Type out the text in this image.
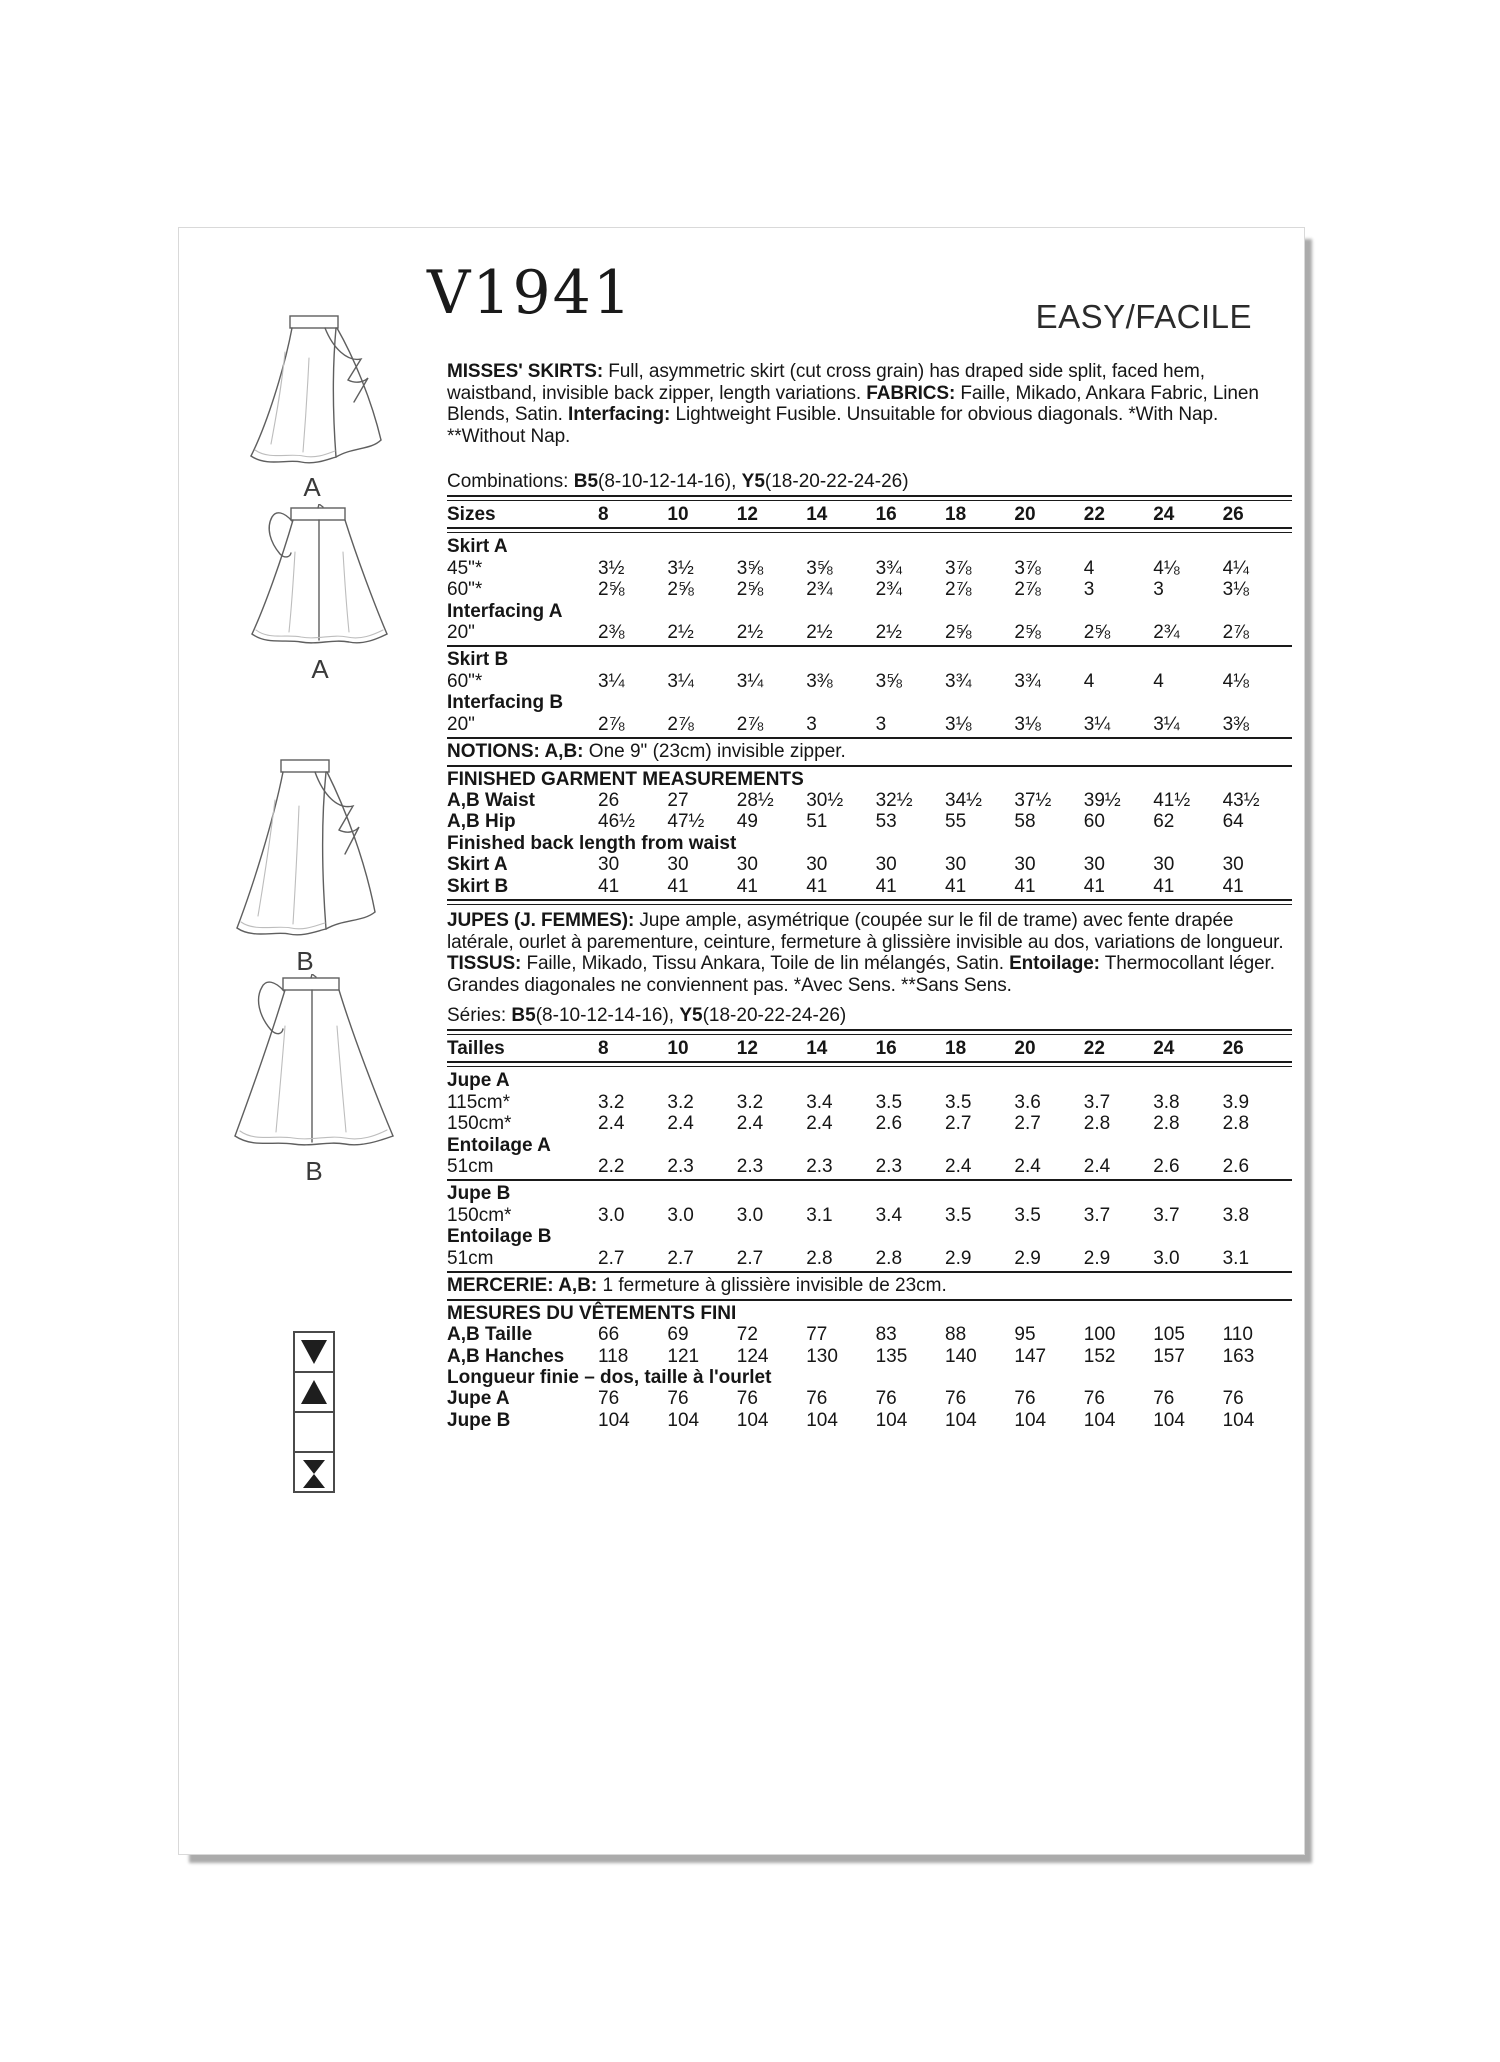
V1941	EASY/FACILE
A
A
B
B

MISSES' SKIRTS: Full, asymmetric skirt (cut cross grain) has draped side split, faced hem, waistband, invisible back zipper, length variations. FABRICS: Faille, Mikado, Ankara Fabric, Linen Blends, Satin. Interfacing: Lightweight Fusible. Unsuitable for obvious diagonals. *With Nap. **Without Nap.

Combinations: B5(8-10-12-14-16), Y5(18-20-22-24-26)

Sizes	8	10	12	14	16	18	20	22	24	26
Skirt A
45"*	3½	3½	3⅝	3⅝	3¾	3⅞	3⅞	4	4⅛	4¼
60"*	2⅝	2⅝	2⅝	2¾	2¾	2⅞	2⅞	3	3	3⅛
Interfacing A
20"	2⅜	2½	2½	2½	2½	2⅝	2⅝	2⅝	2¾	2⅞
Skirt B
60"*	3¼	3¼	3¼	3⅜	3⅝	3¾	3¾	4	4	4⅛
Interfacing B
20"	2⅞	2⅞	2⅞	3	3	3⅛	3⅛	3¼	3¼	3⅜

NOTIONS: A,B: One 9" (23cm) invisible zipper.

FINISHED GARMENT MEASUREMENTS
A,B Waist	26	27	28½	30½	32½	34½	37½	39½	41½	43½
A,B Hip	46½	47½	49	51	53	55	58	60	62	64
Finished back length from waist
Skirt A	30	30	30	30	30	30	30	30	30	30
Skirt B	41	41	41	41	41	41	41	41	41	41

JUPES (J. FEMMES): Jupe ample, asymétrique (coupée sur le fil de trame) avec fente drapée latérale, ourlet à parementure, ceinture, fermeture à glissière invisible au dos, variations de longueur. TISSUS: Faille, Mikado, Tissu Ankara, Toile de lin mélangés, Satin. Entoilage: Thermocollant léger. Grandes diagonales ne conviennent pas. *Avec Sens. **Sans Sens.

Séries: B5(8-10-12-14-16), Y5(18-20-22-24-26)

Tailles	8	10	12	14	16	18	20	22	24	26
Jupe A
115cm*	3.2	3.2	3.2	3.4	3.5	3.5	3.6	3.7	3.8	3.9
150cm*	2.4	2.4	2.4	2.4	2.6	2.7	2.7	2.8	2.8	2.8
Entoilage A
51cm	2.2	2.3	2.3	2.3	2.3	2.4	2.4	2.4	2.6	2.6
Jupe B
150cm*	3.0	3.0	3.0	3.1	3.4	3.5	3.5	3.7	3.7	3.8
Entoilage B
51cm	2.7	2.7	2.7	2.8	2.8	2.9	2.9	2.9	3.0	3.1

MERCERIE: A,B: 1 fermeture à glissière invisible de 23cm.

MESURES DU VÊTEMENTS FINI
A,B Taille	66	69	72	77	83	88	95	100	105	110
A,B Hanches	118	121	124	130	135	140	147	152	157	163
Longueur finie – dos, taille à l'ourlet
Jupe A	76	76	76	76	76	76	76	76	76	76
Jupe B	104	104	104	104	104	104	104	104	104	104
